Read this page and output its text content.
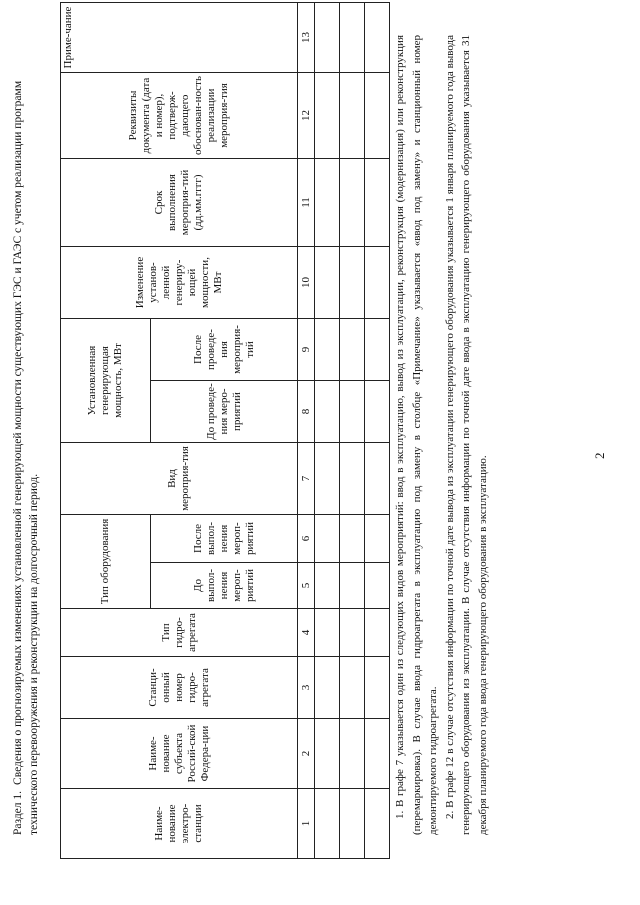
2
Раздел 1.Сведения о прогнозируемых изменениях установленной генерирующей мощности существующих ГЭС и ГАЭС с учетом реализации программ технического перевооружения и реконструкции на долгосрочный период.	Наиме-нование электро-станции	Наиме-нование субъекта Россий-ской Федера-ции	Станци-онный номер гидро-агрегата	Тип гидро-агрегата	Тип оборудования		Вид мероприя-тия	Установленная генерирующая мощность, МВт		Изменение установ-ленной генериру-ющей мощности, МВт	Срок выполнения мероприя-тий (дд.мм.гггг)	Реквизиты документа (дата и номер), подтверж-дающего обоснован-ность реализации мероприя-тия	Приме-чание
				До выпол-нения мероп-риятий	После выпол-нения мероп-риятий		До проведе-ния меро-приятий	После проведе-ния мероприя-тий				
1	2	3	4	5	6	7	8	9	10	11	12	13

													1. В графе 7 указывается один из следующих видов мероприятий: ввод в эксплуатацию, вывод из эксплуатации, реконструкция (модернизация) или реконструкция (перемаркировка). В случае ввода гидроагрегата в эксплуатацию под замену в столбце «Примечание» указывается «ввод под замену» и станционный номер демонтируемого гидроагрегата. 2. В графе 12 в случае отсутствия информации по точной дате вывода из эксплуатации генерирующего оборудования указывается 1 января планируемого года вывода генерирующего оборудования из эксплуатации. В случае отсутствия информации по точной дате ввода в эксплуатацию генерирующего оборудования указывается 31 декабря планируемого года ввода генерирующего оборудования в эксплуатацию.
